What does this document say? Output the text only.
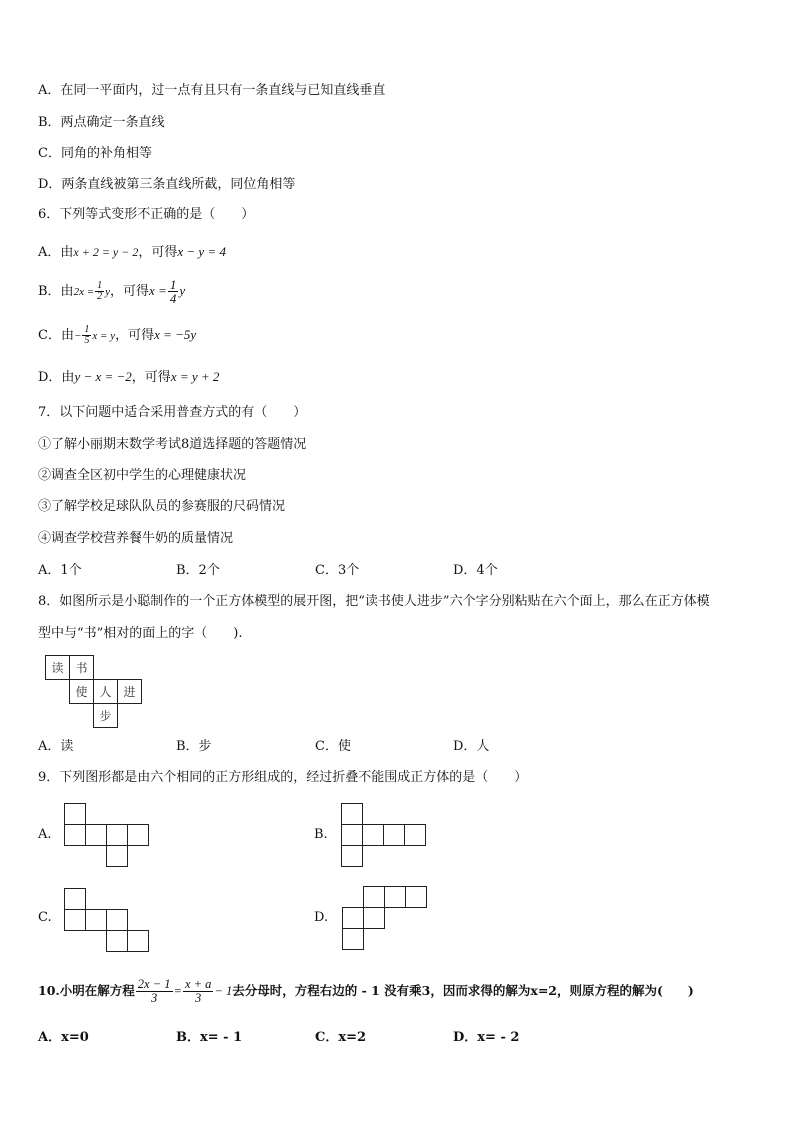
A．在同一平面内，过一点有且只有一条直线与已知直线垂直
B．两点确定一条直线
C．同角的补角相等
D．两条直线被第三条直线所截，同位角相等
6．下列等式变形不正确的是（　　）
A．由x + 2 = y − 2，可得x − y = 4
B．由$2x = \frac{1}{2}$ y，可得$x = \frac{1}{4}$ y
C．由− $\frac{1}{5}$ x = y，可得x = −5y
D．由y − x = −2，可得x = y + 2
7．以下问题中适合采用普查方式的有（　　）
①了解小丽期末数学考试8道选择题的答题情况
②调查全区初中学生的心理健康状况
③了解学校足球队队员的参赛服的尺码情况
④调查学校营养餐牛奶的质量情况
A．1个	B．2个	C．3个	D．4个
8．如图所示是小聪制作的一个正方体模型的展开图，把“读书使人进步”六个字分别粘贴在六个面上，那么在正方体模
型中与“书”相对的面上的字（　　).
读 书
使 人 进
步
A．读	B．步	C．使	D．人
9．下列图形都是由六个相同的正方形组成的，经过折叠不能围成正方体的是（　　）
A.	B.
C.	D.
10.小明在解方程 $\frac{2x - 1}{3} = \frac{x + a}{3} - 1$去分母时，方程右边的 - 1 没有乘3，因而求得的解为x=2，则原方程的解为(　　)
A．x=0	B．x= - 1	C．x=2	D．x= - 2
